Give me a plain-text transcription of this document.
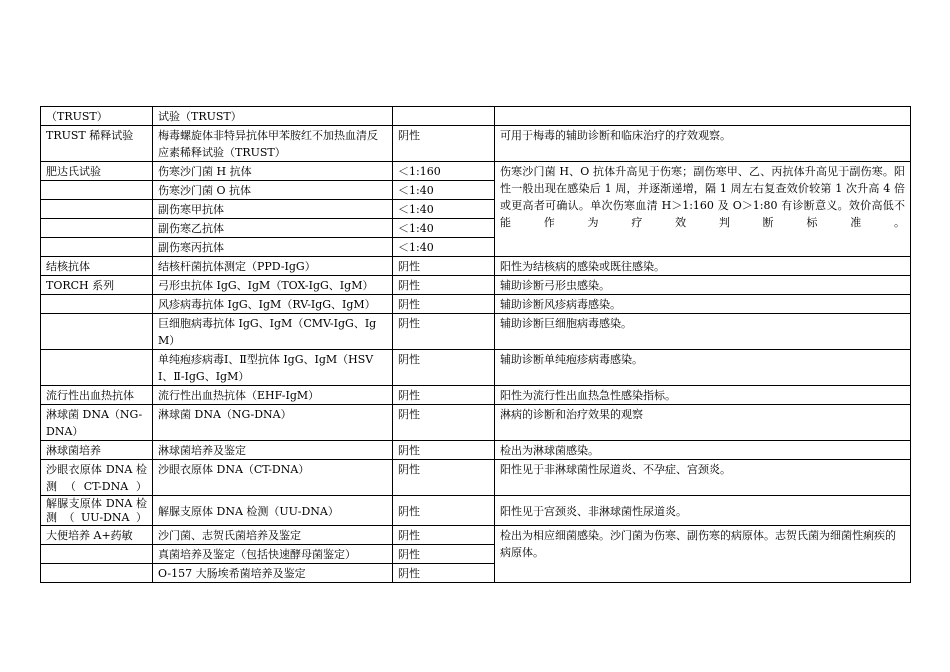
（TRUST）	试验（TRUST）		
TRUST 稀释试验	梅毒螺旋体非特异抗体甲苯胺红不加热血清反应素稀释试验（TRUST）	阴性	可用于梅毒的辅助诊断和临床治疗的疗效观察。
肥达氏试验	伤寒沙门菌 H 抗体	＜1:160	伤寒沙门菌 H、O 抗体升高见于伤寒；副伤寒甲、乙、丙抗体升高见于副伤寒。阳性一般出现在感染后 1 周，并逐渐递增，隔 1 周左右复查效价较第 1 次升高 4 倍或更高者可确认。单次伤寒血清 H＞1:160 及 O＞1:80 有诊断意义。效价高低不能作为疗效判断标准。
	伤寒沙门菌 O 抗体	＜1:40	
	副伤寒甲抗体	＜1:40	
	副伤寒乙抗体	＜1:40	
	副伤寒丙抗体	＜1:40	
结核抗体	结核杆菌抗体测定（PPD-IgG）	阴性	阳性为结核病的感染或既往感染。
TORCH 系列	弓形虫抗体 IgG、IgM（TOX-IgG、IgM）	阴性	辅助诊断弓形虫感染。
	风疹病毒抗体 IgG、IgM（RV-IgG、IgM）	阴性	辅助诊断风疹病毒感染。
	巨细胞病毒抗体 IgG、IgM（CMV-IgG、IgM）	阴性	辅助诊断巨细胞病毒感染。
	单纯疱疹病毒Ⅰ、Ⅱ型抗体 IgG、IgM（HSVⅠ、Ⅱ-IgG、IgM）	阴性	辅助诊断单纯疱疹病毒感染。
流行性出血热抗体	流行性出血热抗体（EHF-IgM）	阴性	阳性为流行性出血热急性感染指标。
淋球菌 DNA（NG-DNA）	淋球菌 DNA（NG-DNA）	阴性	淋病的诊断和治疗效果的观察
淋球菌培养	淋球菌培养及鉴定	阴性	检出为淋球菌感染。
沙眼衣原体 DNA 检测（CT-DNA）	沙眼衣原体 DNA（CT-DNA）	阴性	阳性见于非淋球菌性尿道炎、不孕症、宫颈炎。
解脲支原体 DNA 检测（UU-DNA）	解脲支原体 DNA 检测（UU-DNA）	阴性	阳性见于宫颈炎、非淋球菌性尿道炎。
大便培养 A+药敏	沙门菌、志贺氏菌培养及鉴定	阴性	检出为相应细菌感染。沙门菌为伤寒、副伤寒的病原体。志贺氏菌为细菌性痢疾的病原体。
	真菌培养及鉴定（包括快速酵母菌鉴定）	阴性	
	O-157 大肠埃希菌培养及鉴定	阴性	
